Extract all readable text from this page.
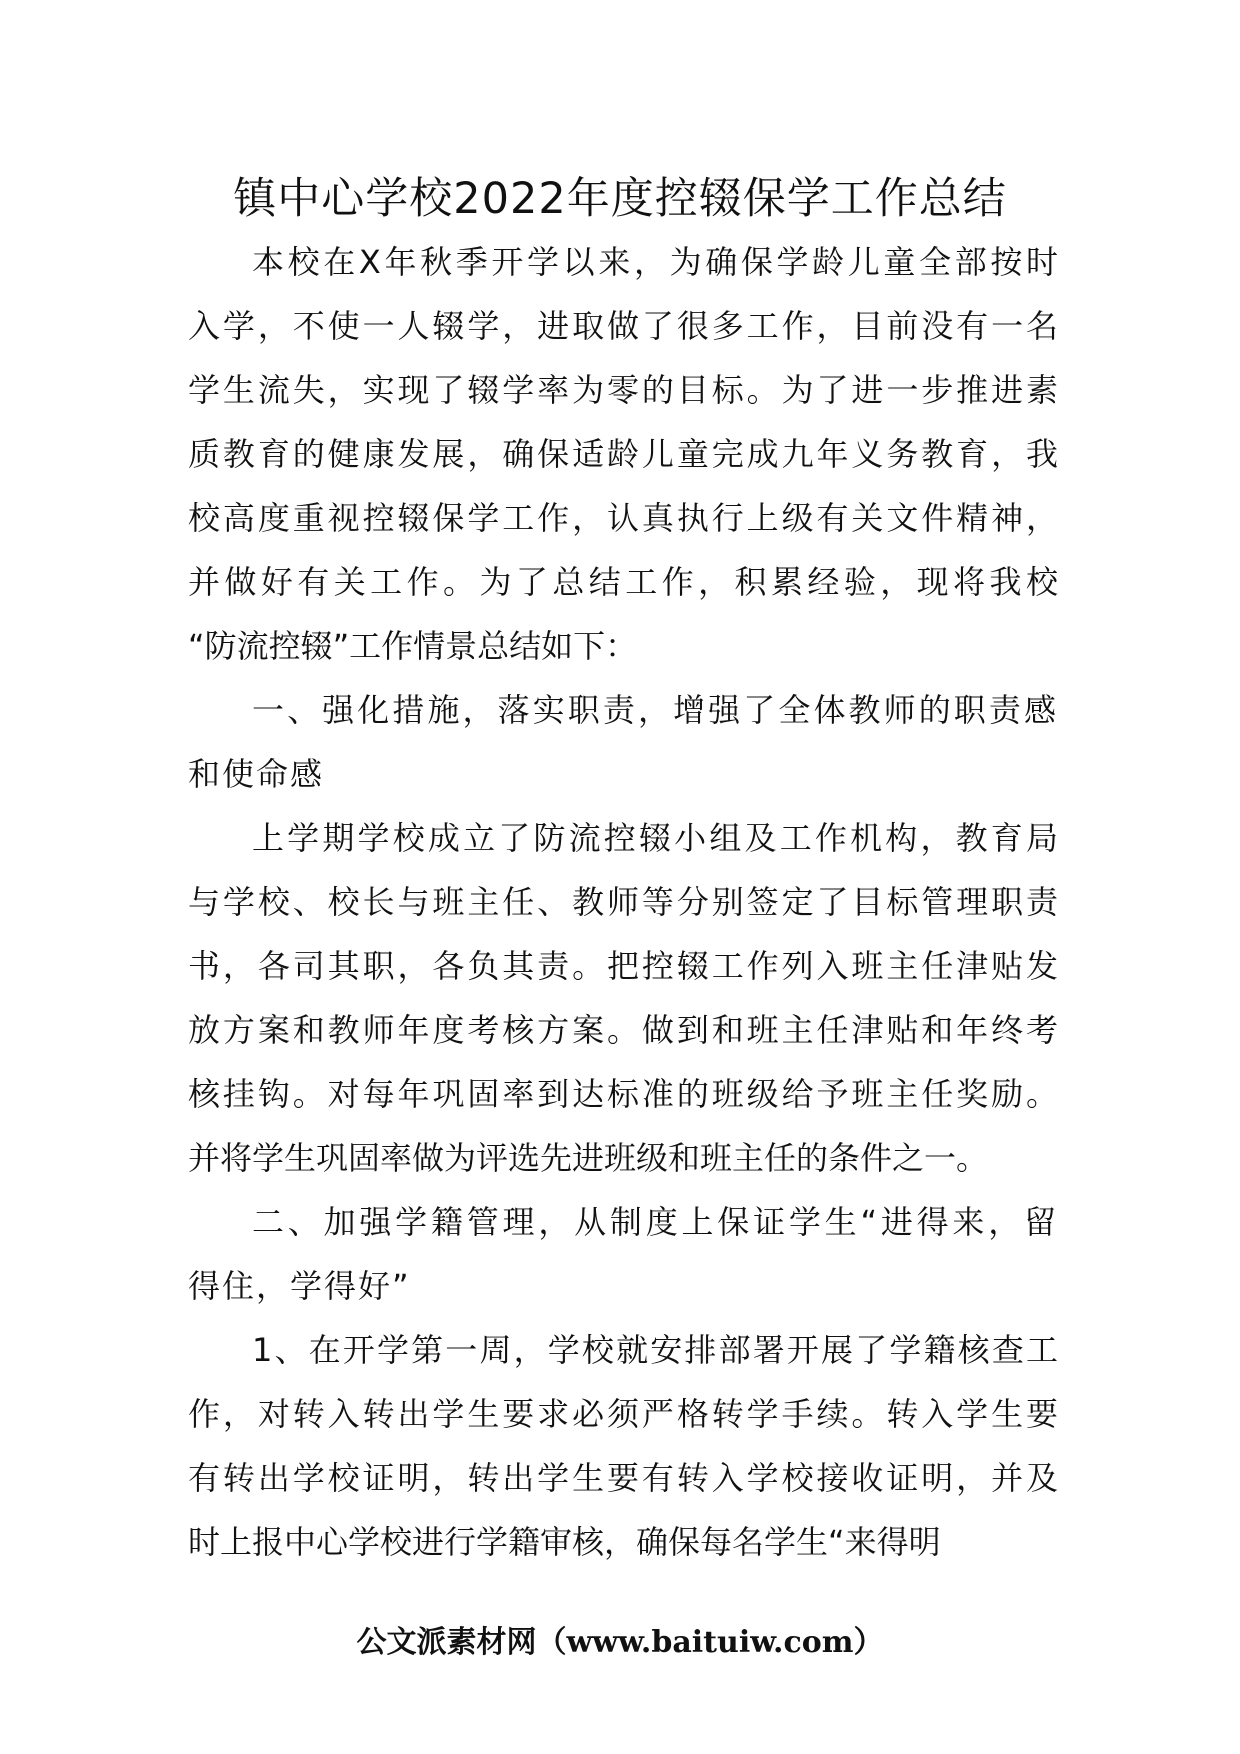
镇中心学校2022年度控辍保学工作总结
本校在X年秋季开学以来，为确保学龄儿童全部按时
入学，不使一人辍学，进取做了很多工作，目前没有一名
学生流失，实现了辍学率为零的目标。为了进一步推进素
质教育的健康发展，确保适龄儿童完成九年义务教育，我
校高度重视控辍保学工作，认真执行上级有关文件精神，
并做好有关工作。为了总结工作，积累经验，现将我校
“防流控辍”工作情景总结如下：
一、强化措施，落实职责，增强了全体教师的职责感
和使命感
上学期学校成立了防流控辍小组及工作机构，教育局
与学校、校长与班主任、教师等分别签定了目标管理职责
书，各司其职，各负其责。把控辍工作列入班主任津贴发
放方案和教师年度考核方案。做到和班主任津贴和年终考
核挂钩。对每年巩固率到达标准的班级给予班主任奖励。
并将学生巩固率做为评选先进班级和班主任的条件之一。
二、加强学籍管理，从制度上保证学生“进得来，留
得住，学得好”
1、在开学第一周，学校就安排部署开展了学籍核查工
作，对转入转出学生要求必须严格转学手续。转入学生要
有转出学校证明，转出学生要有转入学校接收证明，并及
时上报中心学校进行学籍审核，确保每名学生“来得明
公文派素材网（www.baituiw.com）
